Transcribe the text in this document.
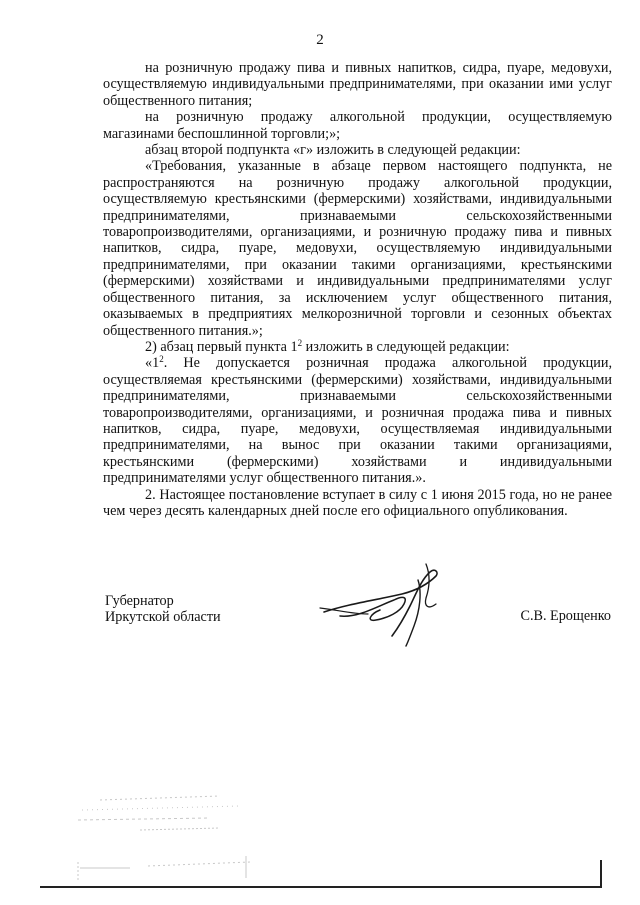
2

на розничную продажу пива и пивных напитков, сидра, пуаре, медовухи, осуществляемую индивидуальными предпринимателями, при оказании ими услуг общественного питания;

на розничную продажу алкогольной продукции, осуществляемую магазинами беспошлинной торговли;»;

абзац второй подпункта «г» изложить в следующей редакции:

«Требования, указанные в абзаце первом настоящего подпункта, не распространяются на розничную продажу алкогольной продукции, осуществляемую крестьянскими (фермерскими) хозяйствами, индивидуальными предпринимателями, признаваемыми сельскохозяйственными товаропроизводителями, организациями, и розничную продажу пива и пивных напитков, сидра, пуаре, медовухи, осуществляемую индивидуальными предпринимателями, при оказании такими организациями, крестьянскими (фермерскими) хозяйствами и индивидуальными предпринимателями услуг общественного питания, за исключением услуг общественного питания, оказываемых в предприятиях мелкорозничной торговли и сезонных объектах общественного питания.»;

2) абзац первый пункта $1^2$ изложить в следующей редакции:

«$1^2$. Не допускается розничная продажа алкогольной продукции, осуществляемая крестьянскими (фермерскими) хозяйствами, индивидуальными предпринимателями, признаваемыми сельскохозяйственными товаропроизводителями, организациями, и розничная продажа пива и пивных напитков, сидра, пуаре, медовухи, осуществляемая индивидуальными предпринимателями, на вынос при оказании такими организациями, крестьянскими (фермерскими) хозяйствами и индивидуальными предпринимателями услуг общественного питания.».

2. Настоящее постановление вступает в силу с 1 июня 2015 года, но не ранее чем через десять календарных дней после его официального опубликования.

Губернатор
Иркутской области	С.В. Ерощенко
